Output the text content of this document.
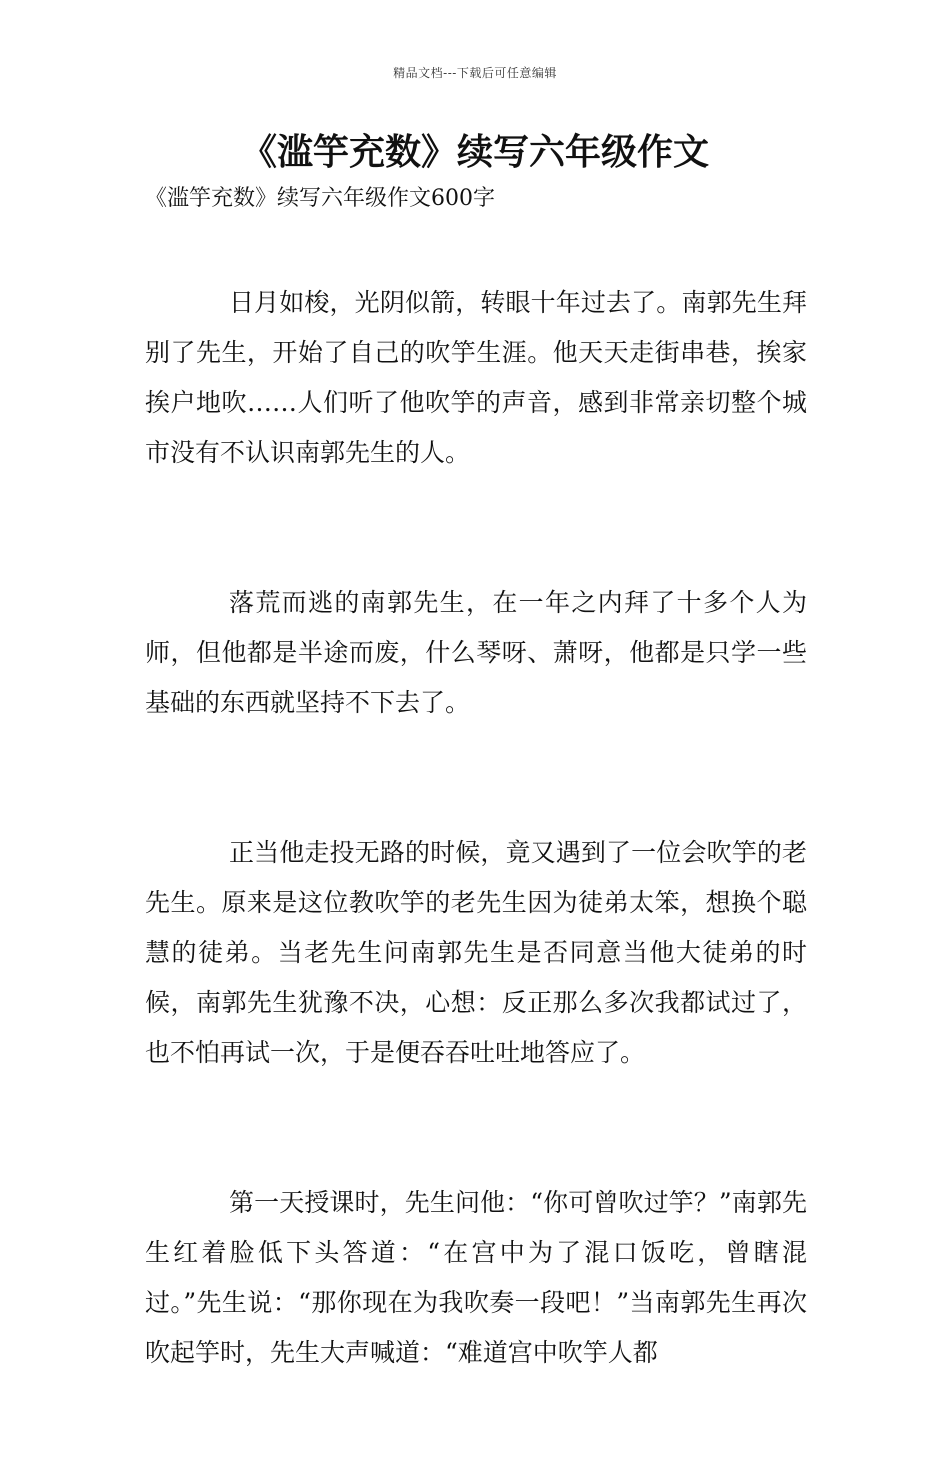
精品文档---下载后可任意编辑
《滥竽充数》续写六年级作文
《滥竽充数》续写六年级作文600字

日月如梭，光阴似箭，转眼十年过去了。南郭先生拜别了先生，开始了自己的吹竽生涯。他天天走街串巷，挨家挨户地吹……人们听了他吹竽的声音，感到非常亲切整个城市没有不认识南郭先生的人。

落荒而逃的南郭先生，在一年之内拜了十多个人为师，但他都是半途而废，什么琴呀、萧呀，他都是只学一些基础的东西就坚持不下去了。

正当他走投无路的时候，竟又遇到了一位会吹竽的老先生。原来是这位教吹竽的老先生因为徒弟太笨，想换个聪慧的徒弟。当老先生问南郭先生是否同意当他大徒弟的时候，南郭先生犹豫不决，心想：反正那么多次我都试过了，也不怕再试一次，于是便吞吞吐吐地答应了。

第一天授课时，先生问他：“你可曾吹过竽？”南郭先生红着脸低下头答道：“在宫中为了混口饭吃，曾瞎混过。”先生说：“那你现在为我吹奏一段吧！”当南郭先生再次吹起竽时，先生大声喊道：“难道宫中吹竽人都
